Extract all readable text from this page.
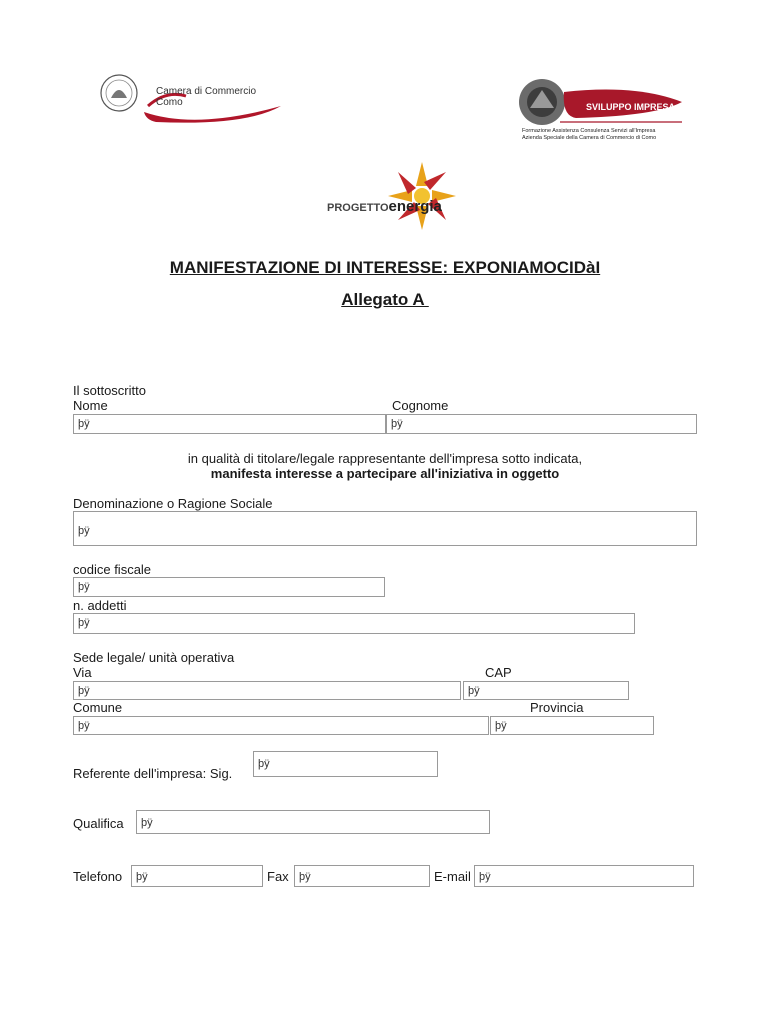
Camera di Commercio
Como	SVILUPPO IMPRESA
Formazione Assistenza Consulenza Servizi all'Impresa
Azienda Speciale della Camera di Commercio di Como
PROGETTOenergia
MANIFESTAZIONE DI INTERESSE: EXPONIAMOCIDàI
Allegato A
Il sottoscritto
Nome	Cognome
þÿ	þÿ
in qualità di titolare/legale rappresentante dell'impresa sotto indicata,
manifesta interesse a partecipare all'iniziativa in oggetto
Denominazione o Ragione Sociale
þÿ
codice fiscale
þÿ
n. addetti
þÿ
Sede legale/ unità operativa
Via	CAP
þÿ	þÿ
Comune	Provincia
þÿ	þÿ
Referente dell'impresa: Sig.
þÿ
Qualifica	þÿ
Telefono	þÿ	Fax þÿ	E-mail þÿ
